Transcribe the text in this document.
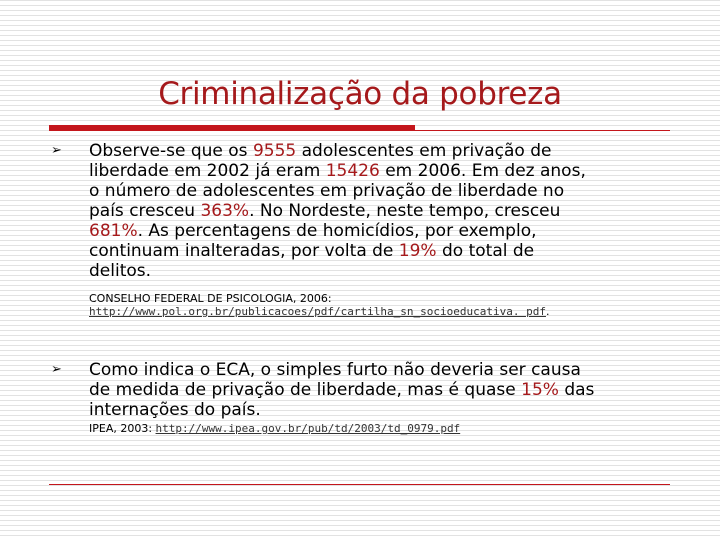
Criminalização da pobreza
➢ Observe-se que os 9555 adolescentes em privação de
liberdade em 2002 já eram 15426 em 2006. Em dez anos,
o número de adolescentes em privação de liberdade no
país cresceu 363%. No Nordeste, neste tempo, cresceu
681%. As percentagens de homicídios, por exemplo,
continuam inalteradas, por volta de 19% do total de
delitos.
CONSELHO FEDERAL DE PSICOLOGIA, 2006:
http://www.pol.org.br/publicacoes/pdf/cartilha_sn_socioeducativa. pdf.
➢ Como indica o ECA, o simples furto não deveria ser causa
de medida de privação de liberdade, mas é quase 15% das
internações do país.
IPEA, 2003: http://www.ipea.gov.br/pub/td/2003/td_0979.pdf
